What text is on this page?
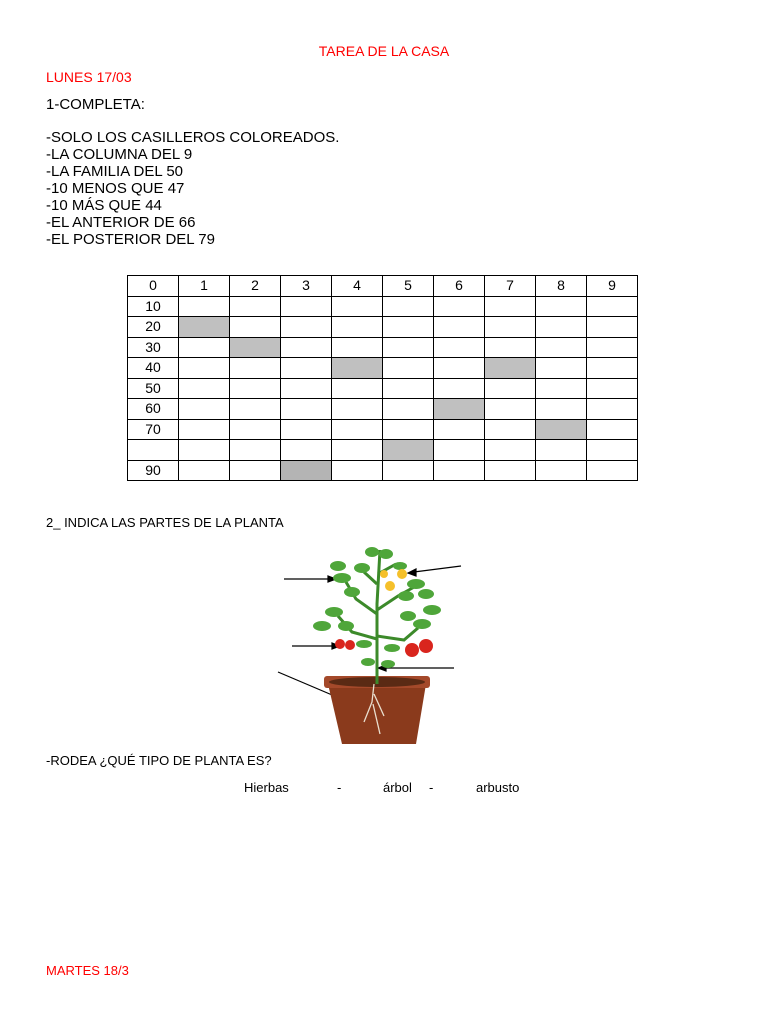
TAREA DE LA CASA
LUNES 17/03
1-COMPLETA:
-SOLO LOS CASILLEROS COLOREADOS.
-LA COLUMNA DEL 9
-LA FAMILIA DEL 50
-10 MENOS QUE 47
-10 MÁS QUE 44
-EL ANTERIOR DE 66
-EL POSTERIOR DEL 79
0	1	2	3	4	5	6	7	8	9
10									
20									
30									
40									
50									
60									
70									

90									
2_ INDICA LAS PARTES DE LA PLANTA
-RODEA ¿QUÉ TIPO DE PLANTA ES?
Hierbas	-	árbol -	arbusto
MARTES 18/3
